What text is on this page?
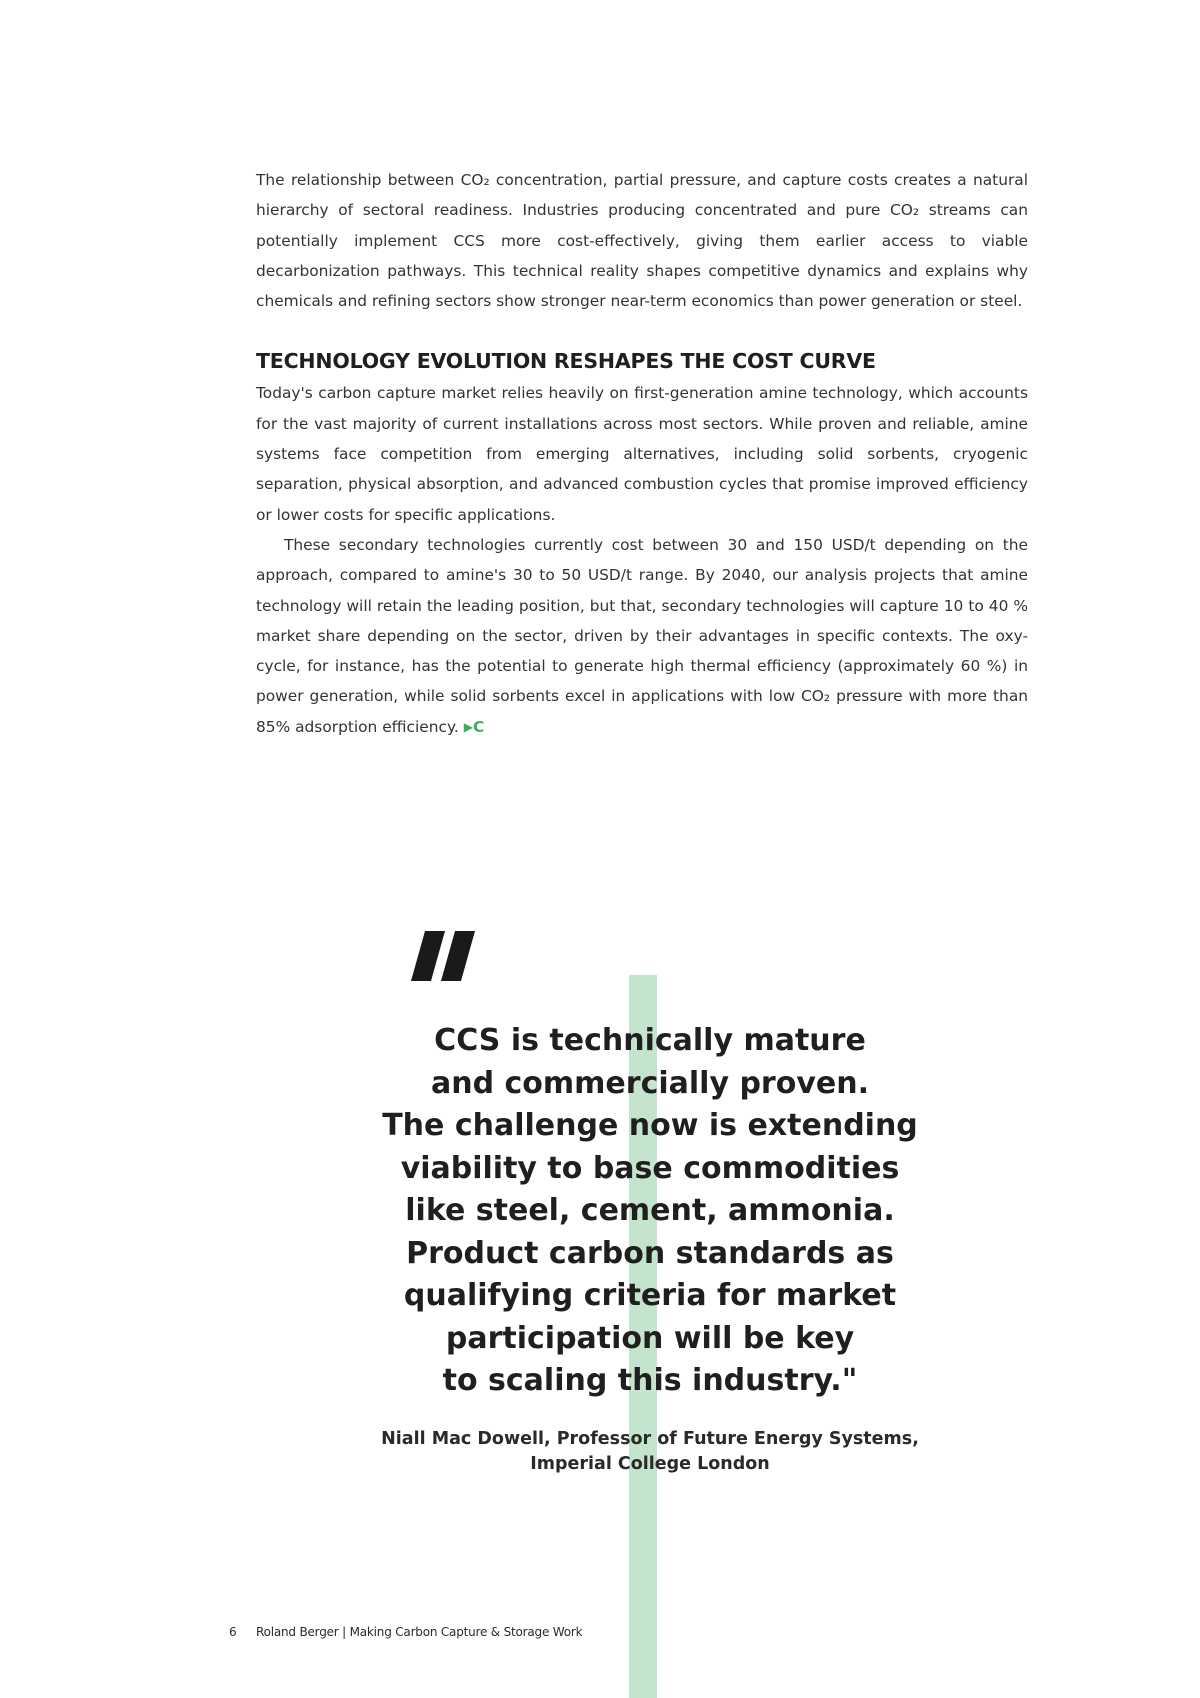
The relationship between CO₂ concentration, partial pressure, and capture costs creates a natural hierarchy of sectoral readiness. Industries producing concentrated and pure CO₂ streams can potentially implement CCS more cost-effectively, giving them earlier access to viable decarbonization pathways. This technical reality shapes competitive dynamics and explains why chemicals and refining sectors show stronger near-term economics than power generation or steel.

TECHNOLOGY EVOLUTION RESHAPES THE COST CURVE

Today's carbon capture market relies heavily on first-generation amine technology, which accounts for the vast majority of current installations across most sectors. While proven and reliable, amine systems face competition from emerging alternatives, including solid sorbents, cryogenic separation, physical absorption, and advanced combustion cycles that promise improved efficiency or lower costs for specific applications.

These secondary technologies currently cost between 30 and 150 USD/t depending on the approach, compared to amine's 30 to 50 USD/t range. By 2040, our analysis projects that amine technology will retain the leading position, but that, secondary technologies will capture 10 to 40 % market share depending on the sector, driven by their advantages in specific contexts. The oxy-cycle, for instance, has the potential to generate high thermal efficiency (approximately 60 %) in power generation, while solid sorbents excel in applications with low CO₂ pressure with more than 85% adsorption efficiency. ▶C

CCS is technically mature
and commercially proven.
The challenge now is extending
viability to base commodities
like steel, cement, ammonia.
Product carbon standards as
qualifying criteria for market
participation will be key
to scaling this industry."

Niall Mac Dowell, Professor of Future Energy Systems,
Imperial College London
6 Roland Berger | Making Carbon Capture & Storage Work
